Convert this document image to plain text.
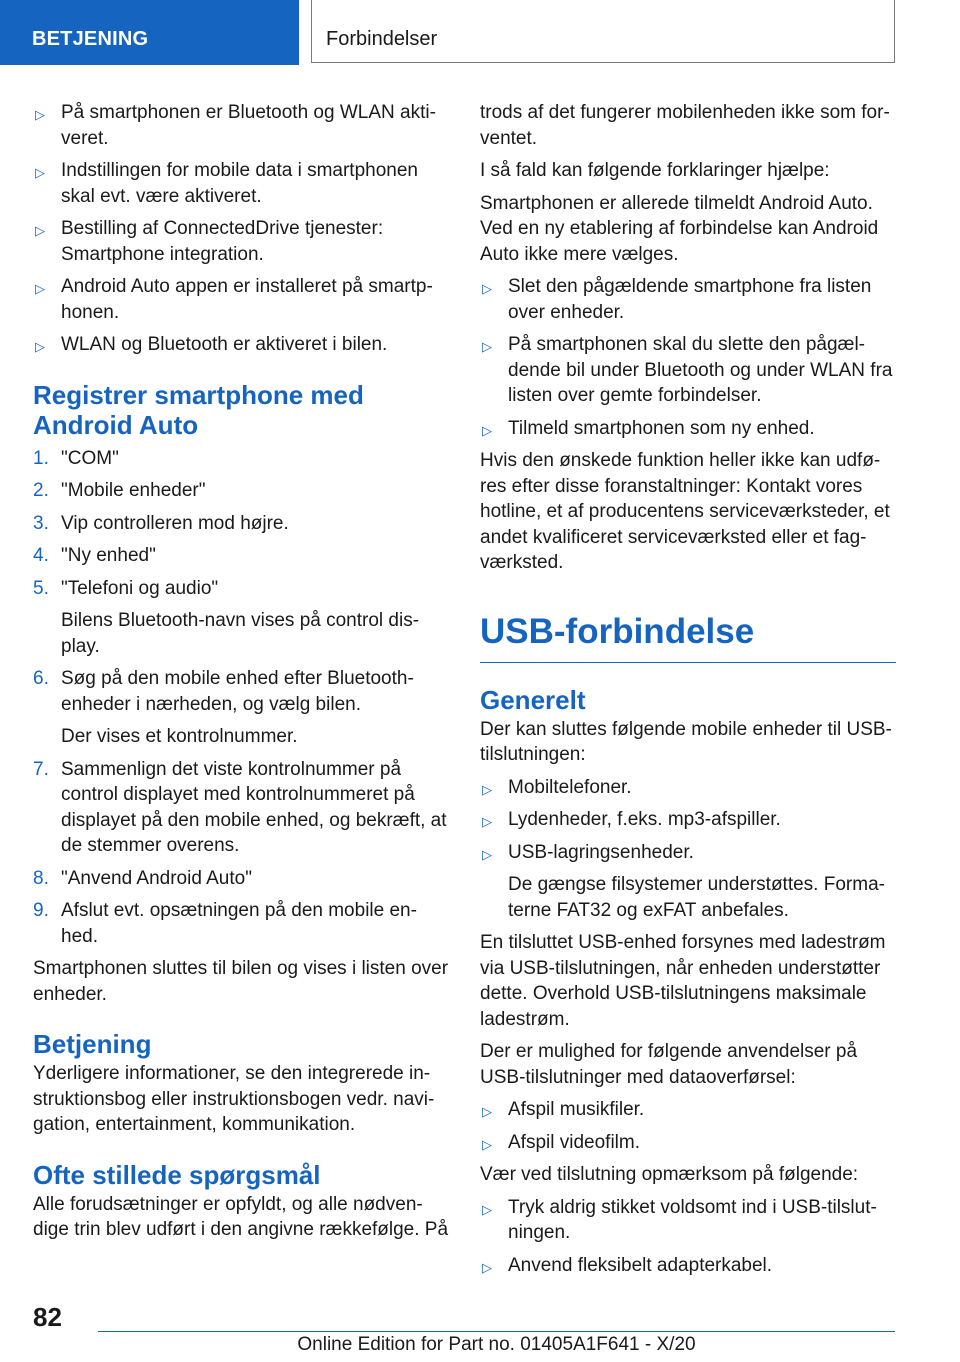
BETJENING	Forbindelser
▷ På smartphonen er Bluetooth og WLAN akti-veret.
▷ Indstillingen for mobile data i smartphonen skal evt. være aktiveret.
▷ Bestilling af ConnectedDrive tjenester: Smartphone integration.
▷ Android Auto appen er installeret på smartp-honen.
▷ WLAN og Bluetooth er aktiveret i bilen.
Registrer smartphone med Android Auto
1. "COM"
2. "Mobile enheder"
3. Vip controlleren mod højre.
4. "Ny enhed"
5. "Telefoni og audio"

Bilens Bluetooth-navn vises på control dis-play.

6. Søg på den mobile enhed efter Bluetooth-enheder i nærheden, og vælg bilen.

Der vises et kontrolnummer.

7. Sammenlign det viste kontrolnummer på control displayet med kontrolnummeret på displayet på den mobile enhed, og bekræft, at de stemmer overens.
8. "Anvend Android Auto"
9. Afslut evt. opsætningen på den mobile en-hed.

Smartphonen sluttes til bilen og vises i listen over enheder.

Betjening

Yderligere informationer, se den integrerede in-struktionsbog eller instruktionsbogen vedr. navi-gation, entertainment, kommunikation.

Ofte stillede spørgsmål

Alle forudsætninger er opfyldt, og alle nødven-dige trin blev udført i den angivne rækkefølge. På

trods af det fungerer mobilenheden ikke som for-ventet.

I så fald kan følgende forklaringer hjælpe:

Smartphonen er allerede tilmeldt Android Auto. Ved en ny etablering af forbindelse kan Android Auto ikke mere vælges.

▷ Slet den pågældende smartphone fra listen over enheder.
▷ På smartphonen skal du slette den pågæl-dende bil under Bluetooth og under WLAN fra listen over gemte forbindelser.
▷ Tilmeld smartphonen som ny enhed.

Hvis den ønskede funktion heller ikke kan udfø-res efter disse foranstaltninger: Kontakt vores hotline, et af producentens serviceværksteder, et andet kvalificeret serviceværksted eller et fag-værksted.

USB-forbindelse
Generelt

Der kan sluttes følgende mobile enheder til USB-tilslutningen:

▷ Mobiltelefoner.
▷ Lydenheder, f.eks. mp3-afspiller.
▷ USB-lagringsenheder.

De gængse filsystemer understøttes. Forma-terne FAT32 og exFAT anbefales.

En tilsluttet USB-enhed forsynes med ladestrøm via USB-tilslutningen, når enheden understøtter dette. Overhold USB-tilslutningens maksimale ladestrøm.

Der er mulighed for følgende anvendelser på USB-tilslutninger med dataoverførsel:

▷ Afspil musikfiler.
▷ Afspil videofilm.

Vær ved tilslutning opmærksom på følgende:

▷ Tryk aldrig stikket voldsomt ind i USB-tilslut-ningen.
▷ Anvend fleksibelt adapterkabel.
82
Online Edition for Part no. 01405A1F641 - X/20
